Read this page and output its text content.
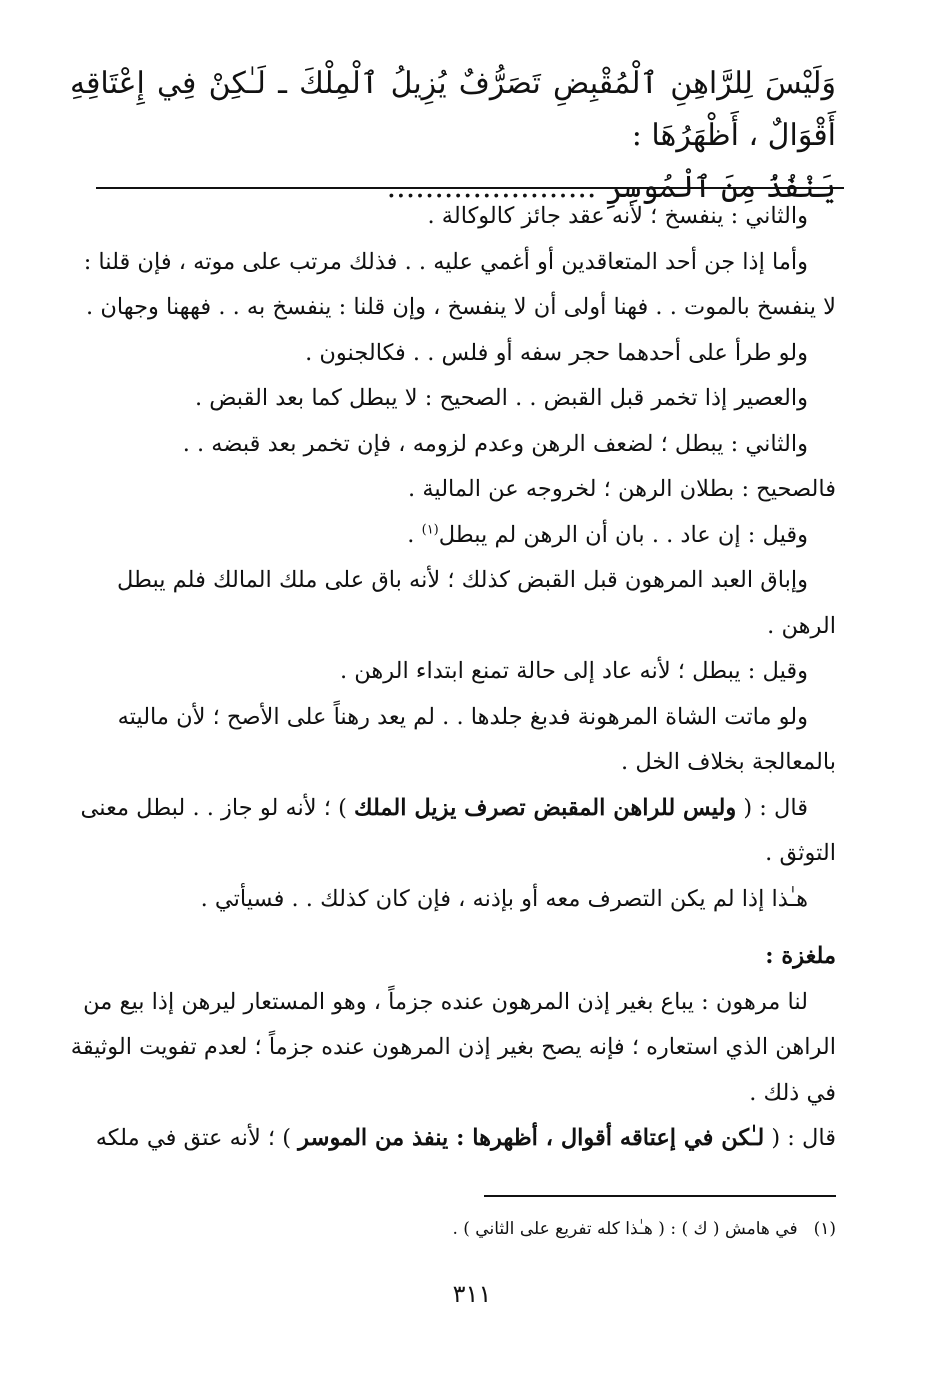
وَلَيْسَ لِلرَّاهِنِ ٱلْمُقْبِضِ تَصَرُّفٌ يُزِيلُ ٱلْمِلْكَ ـ لَـٰكِنْ فِي إِعْتَاقِهِ أَقْوَالٌ ، أَظْهَرُهَا :

يَنْفُذُ مِنَ ٱلْمُوسِرِ ......................

والثاني : ينفسخ ؛ لأنه عقد جائز كالوكالة .

وأما إذا جن أحد المتعاقدين أو أغمي عليه . . فذلك مرتب على موته ، فإن قلنا :

لا ينفسخ بالموت . . فهنا أولى أن لا ينفسخ ، وإن قلنا : ينفسخ به . . فههنا وجهان .

ولو طرأ على أحدهما حجر سفه أو فلس . . فكالجنون .

والعصير إذا تخمر قبل القبض . . الصحيح : لا يبطل كما بعد القبض .

والثاني : يبطل ؛ لضعف الرهن وعدم لزومه ، فإن تخمر بعد قبضه . .

فالصحيح : بطلان الرهن ؛ لخروجه عن المالية .

وقيل : إن عاد . . بان أن الرهن لم يبطل$^{(١)}$ .

وإباق العبد المرهون قبل القبض كذلك ؛ لأنه باق على ملك المالك فلم يبطل

الرهن .

وقيل : يبطل ؛ لأنه عاد إلى حالة تمنع ابتداء الرهن .

ولو ماتت الشاة المرهونة فدبغ جلدها . . لم يعد رهناً على الأصح ؛ لأن ماليته

بالمعالجة بخلاف الخل .

قال : ( وليس للراهن المقبض تصرف يزيل الملك ) ؛ لأنه لو جاز . . لبطل معنى

التوثق .

هـٰذا إذا لم يكن التصرف معه أو بإذنه ، فإن كان كذلك . . فسيأتي .

ملغزة :

لنا مرهون : يباع بغير إذن المرهون عنده جزماً ، وهو المستعار ليرهن إذا بيع من

الراهن الذي استعاره ؛ فإنه يصح بغير إذن المرهون عنده جزماً ؛ لعدم تفويت الوثيقة

في ذلك .

قال : ( لـٰكن في إعتاقه أقوال ، أظهرها : ينفذ من الموسر ) ؛ لأنه عتق في ملكه

(١)في هامش ( ك ) : ( هـٰذا كله تفريع على الثاني ) .
٣١١
